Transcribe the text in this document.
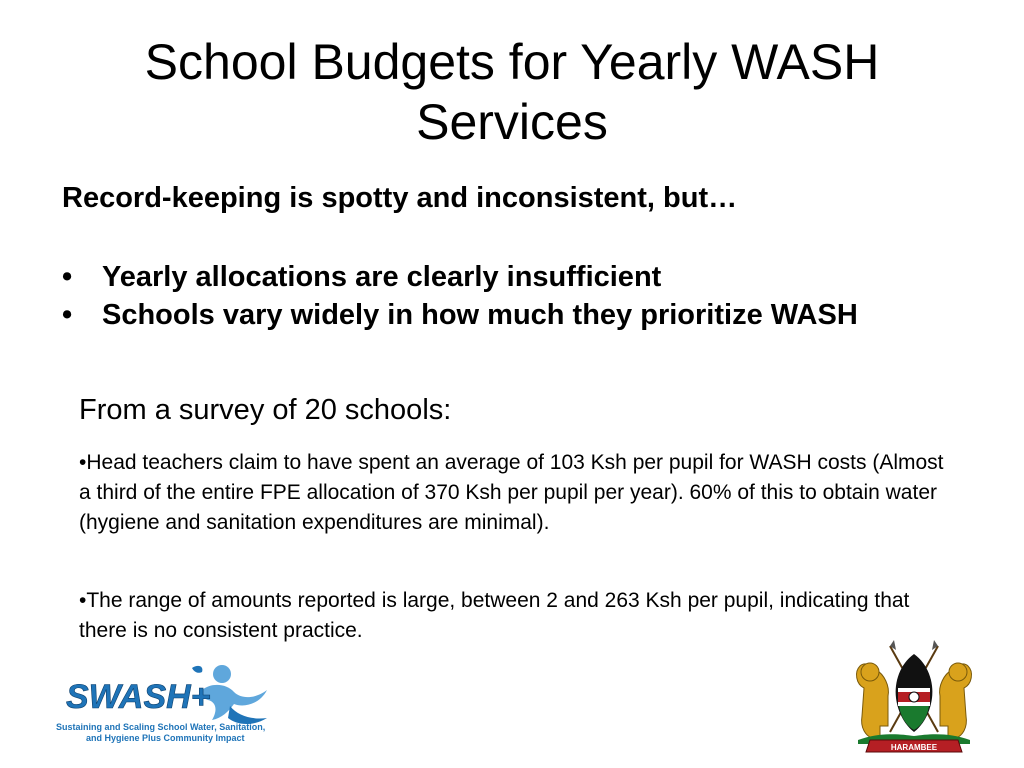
School Budgets for Yearly WASH Services
Record-keeping is spotty and inconsistent, but…
•	Yearly allocations are clearly insufficient
•	Schools vary widely in how much they prioritize WASH
From a survey of 20 schools:
•Head teachers claim to have spent an average of 103 Ksh per pupil for WASH costs (Almost a third of the entire FPE allocation of 370 Ksh per pupil per year). 60% of this to obtain water (hygiene and sanitation expenditures are minimal).
•The range of amounts reported is large, between 2 and 263 Ksh per pupil, indicating that there is no consistent practice.
SWASH+
Sustaining and Scaling School Water, Sanitation,
and Hygiene Plus Community Impact
HARAMBEE
